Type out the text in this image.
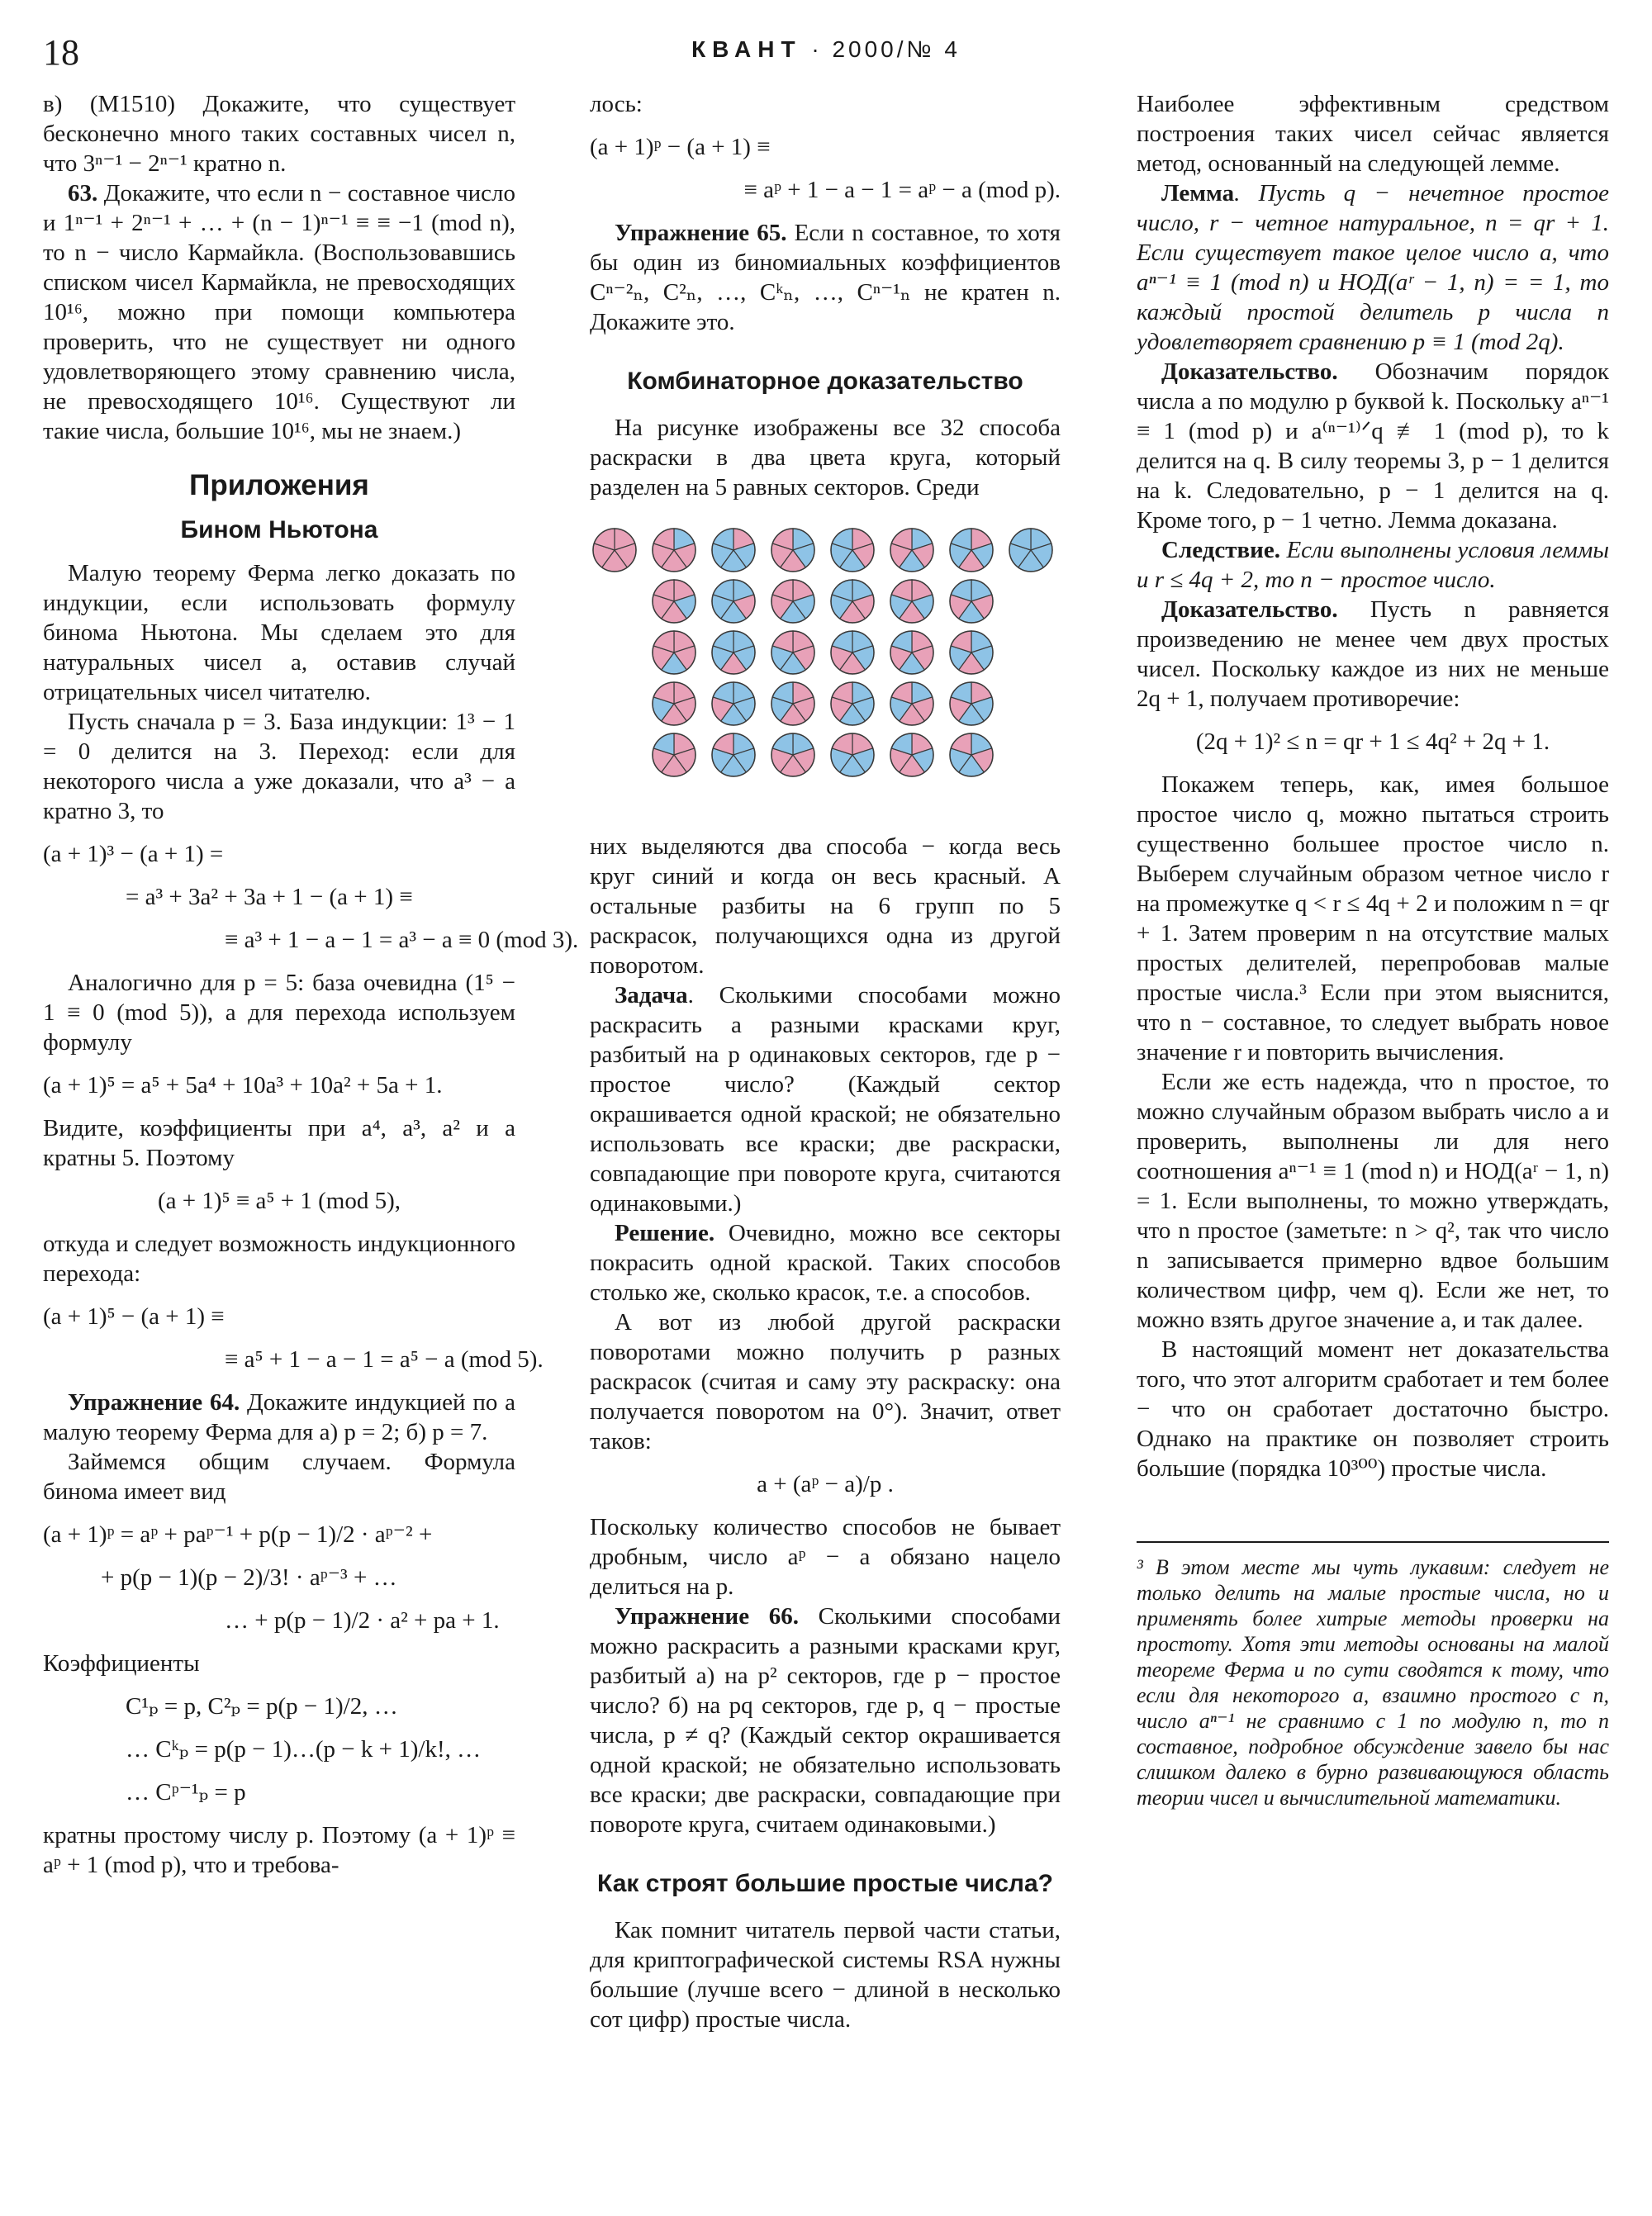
18	КВАНТ · 2000/№ 4

в) (M1510) Докажите, что существует бесконечно много таких составных чисел n, что 3ⁿ⁻¹ − 2ⁿ⁻¹ кратно n.

63. Докажите, что если n − составное число и 1ⁿ⁻¹ + 2ⁿ⁻¹ + … + (n − 1)ⁿ⁻¹ ≡ ≡ −1 (mod n), то n − число Кармайкла. (Воспользовавшись списком чисел Кармайкла, не превосходящих 10¹⁶, можно при помощи компьютера проверить, что не существует ни одного удовлетворяющего этому сравнению числа, не превосходящего 10¹⁶. Существуют ли такие числа, большие 10¹⁶, мы не знаем.)

Приложения
Бином Ньютона

Малую теорему Ферма легко доказать по индукции, если использовать формулу бинома Ньютона. Мы сделаем это для натуральных чисел a, оставив случай отрицательных чисел читателю.

Пусть сначала p = 3. База индукции: 1³ − 1 = 0 делится на 3. Переход: если для некоторого числа a уже доказали, что a³ − a кратно 3, то

(a + 1)³ − (a + 1) =
= a³ + 3a² + 3a + 1 − (a + 1) ≡
≡ a³ + 1 − a − 1 = a³ − a ≡ 0 (mod 3).

Аналогично для p = 5: база очевидна (1⁵ − 1 ≡ 0 (mod 5)), а для перехода используем формулу

(a + 1)⁵ = a⁵ + 5a⁴ + 10a³ + 10a² + 5a + 1.

Видите, коэффициенты при a⁴, a³, a² и a кратны 5. Поэтому

(a + 1)⁵ ≡ a⁵ + 1 (mod 5),

откуда и следует возможность индукционного перехода:

(a + 1)⁵ − (a + 1) ≡
≡ a⁵ + 1 − a − 1 = a⁵ − a (mod 5).

Упражнение 64. Докажите индукцией по a малую теорему Ферма для а) p = 2; б) p = 7.

Займемся общим случаем. Формула бинома имеет вид

(a + 1)ᵖ = aᵖ + paᵖ⁻¹ + p(p − 1)/2 · aᵖ⁻² +
+ p(p − 1)(p − 2)/3! · aᵖ⁻³ + …
… + p(p − 1)/2 · a² + pa + 1.

Коэффициенты

C¹ₚ = p, C²ₚ = p(p − 1)/2, …
… Cᵏₚ = p(p − 1)…(p − k + 1)/k!, …
… Cᵖ⁻¹ₚ = p

кратны простому числу p. Поэтому (a + 1)ᵖ ≡ aᵖ + 1 (mod p), что и требова-

лось:

(a + 1)ᵖ − (a + 1) ≡
≡ aᵖ + 1 − a − 1 = aᵖ − a (mod p).

Упражнение 65. Если n составное, то хотя бы один из биномиальных коэффициентов Cⁿ⁻²ₙ, C²ₙ, …, Cᵏₙ, …, Cⁿ⁻¹ₙ не кратен n. Докажите это.

Комбинаторное доказательство

На рисунке изображены все 32 способа раскраски в два цвета круга, который разделен на 5 равных секторов. Среди

них выделяются два способа − когда весь круг синий и когда он весь красный. А остальные разбиты на 6 групп по 5 раскрасок, получающихся одна из другой поворотом.

Задача. Сколькими способами можно раскрасить a разными красками круг, разбитый на p одинаковых секторов, где p − простое число? (Каждый сектор окрашивается одной краской; не обязательно использовать все краски; две раскраски, совпадающие при повороте круга, считаются одинаковыми.)

Решение. Очевидно, можно все секторы покрасить одной краской. Таких способов столько же, сколько красок, т.е. a способов.

А вот из любой другой раскраски поворотами можно получить p разных раскрасок (считая и саму эту раскраску: она получается поворотом на 0°). Значит, ответ таков:

a + (aᵖ − a)/p .

Поскольку количество способов не бывает дробным, число aᵖ − a обязано нацело делиться на p.

Упражнение 66. Сколькими способами можно раскрасить a разными красками круг, разбитый а) на p² секторов, где p − простое число? б) на pq секторов, где p, q − простые числа, p ≠ q? (Каждый сектор окрашивается одной краской; не обязательно использовать все краски; две раскраски, совпадающие при повороте круга, считаем одинаковыми.)

Как строят большие простые числа?

Как помнит читатель первой части статьи, для криптографической системы RSA нужны большие (лучше всего − длиной в несколько сот цифр) простые числа.

Наиболее эффективным средством построения таких чисел сейчас является метод, основанный на следующей лемме.

Лемма. Пусть q − нечетное простое число, r − четное натуральное, n = qr + 1. Если существует такое целое число a, что aⁿ⁻¹ ≡ 1 (mod n) и НОД(aʳ − 1, n) = = 1, то каждый простой делитель p числа n удовлетворяет сравнению p ≡ 1 (mod 2q).

Доказательство. Обозначим порядок числа a по модулю p буквой k. Поскольку aⁿ⁻¹ ≡ 1 (mod p) и a⁽ⁿ⁻¹⁾ᐟq ≢ 1 (mod p), то k делится на q. В силу теоремы 3, p − 1 делится на k. Следовательно, p − 1 делится на q. Кроме того, p − 1 четно. Лемма доказана.

Следствие. Если выполнены условия леммы и r ≤ 4q + 2, то n − простое число.

Доказательство. Пусть n равняется произведению не менее чем двух простых чисел. Поскольку каждое из них не меньше 2q + 1, получаем противоречие:

(2q + 1)² ≤ n = qr + 1 ≤ 4q² + 2q + 1.

Покажем теперь, как, имея большое простое число q, можно пытаться строить существенно большее простое число n. Выберем случайным образом четное число r на промежутке q < r ≤ 4q + 2 и положим n = qr + 1. Затем проверим n на отсутствие малых простых делителей, перепробовав малые простые числа.³ Если при этом выяснится, что n − составное, то следует выбрать новое значение r и повторить вычисления.

Если же есть надежда, что n простое, то можно случайным образом выбрать число a и проверить, выполнены ли для него соотношения aⁿ⁻¹ ≡ 1 (mod n) и НОД(aʳ − 1, n) = 1. Если выполнены, то можно утверждать, что n простое (заметьте: n > q², так что число n записывается примерно вдвое большим количеством цифр, чем q). Если же нет, то можно взять другое значение a, и так далее.

В настоящий момент нет доказательства того, что этот алгоритм сработает и тем более − что он сработает достаточно быстро. Однако на практике он позволяет строить большие (порядка 10³⁰⁰) простые числа.

³ В этом месте мы чуть лукавим: следует не только делить на малые простые числа, но и применять более хитрые методы проверки на простоту. Хотя эти методы основаны на малой теореме Ферма и по сути сводятся к тому, что если для некоторого a, взаимно простого с n, число aⁿ⁻¹ не сравнимо с 1 по модулю n, то n составное, подробное обсуждение завело бы нас слишком далеко в бурно развивающуюся область теории чисел и вычислительной математики.
